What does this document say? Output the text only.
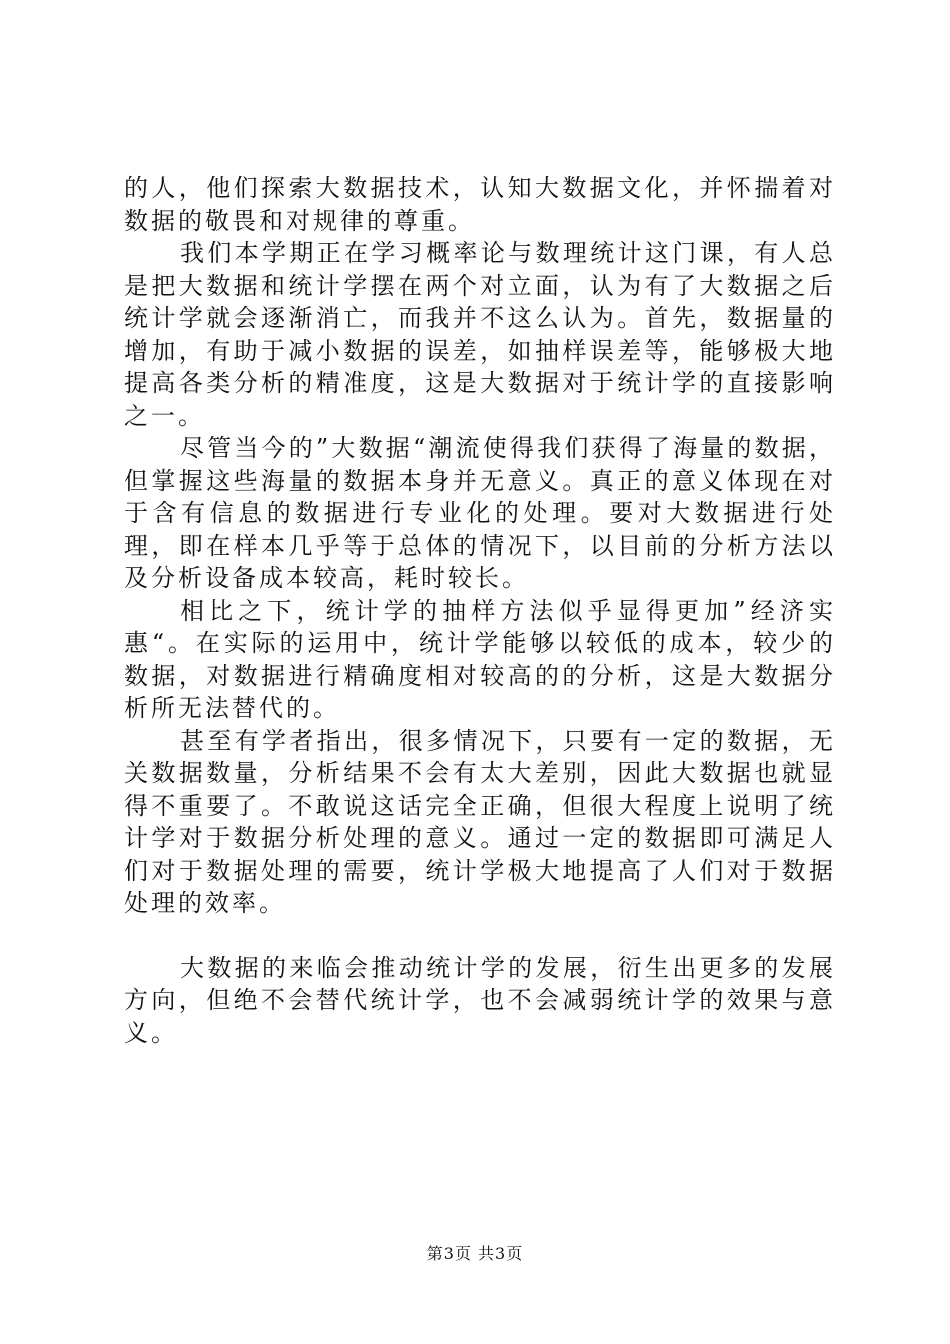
的人，他们探索大数据技术，认知大数据文化，并怀揣着对数据的敬畏和对规律的尊重。

我们本学期正在学习概率论与数理统计这门课，有人总是把大数据和统计学摆在两个对立面，认为有了大数据之后统计学就会逐渐消亡，而我并不这么认为。首先，数据量的增加，有助于减小数据的误差，如抽样误差等，能够极大地提高各类分析的精准度，这是大数据对于统计学的直接影响之一。

尽管当今的”大数据“潮流使得我们获得了海量的数据，但掌握这些海量的数据本身并无意义。真正的意义体现在对于含有信息的数据进行专业化的处理。要对大数据进行处理，即在样本几乎等于总体的情况下，以目前的分析方法以及分析设备成本较高，耗时较长。

相比之下，统计学的抽样方法似乎显得更加”经济实惠“。在实际的运用中，统计学能够以较低的成本，较少的数据，对数据进行精确度相对较高的的分析，这是大数据分析所无法替代的。

甚至有学者指出，很多情况下，只要有一定的数据，无关数据数量，分析结果不会有太大差别，因此大数据也就显得不重要了。不敢说这话完全正确，但很大程度上说明了统计学对于数据分析处理的意义。通过一定的数据即可满足人们对于数据处理的需要，统计学极大地提高了人们对于数据处理的效率。

大数据的来临会推动统计学的发展，衍生出更多的发展方向，但绝不会替代统计学，也不会减弱统计学的效果与意义。

第3页 共3页
